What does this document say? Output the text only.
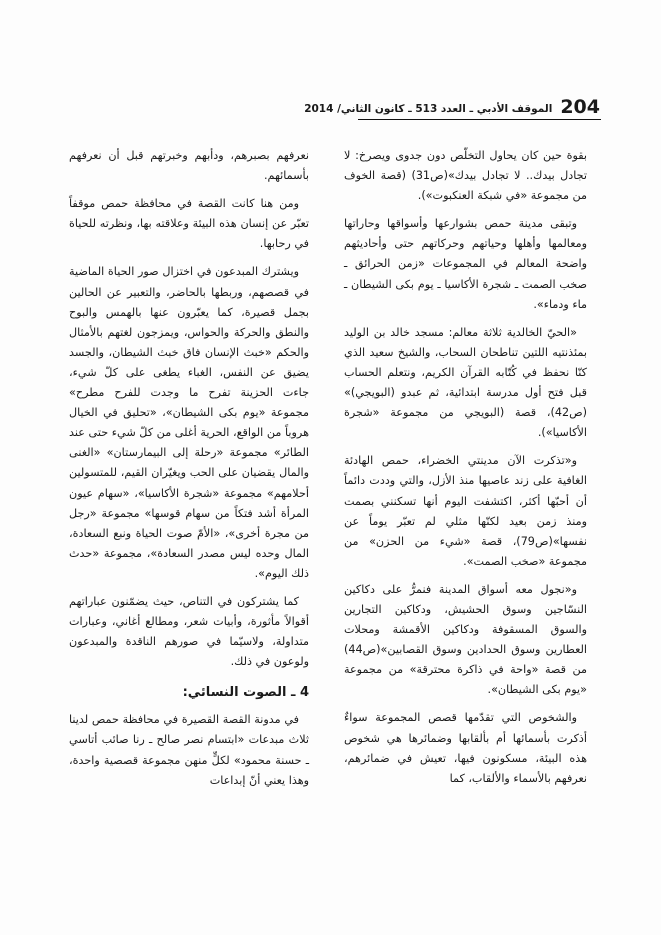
204
الموقف الأدبي ـ العدد 513 ـ كانون الثاني/ 2014

بقوة حين كان يحاول التخلّص دون جدوى ويصرخ: لا تجادل بيدك.. لا تجادل بيدك»(ص31) (قصة الخوف من مجموعة «في شبكة العنكبوت»).

وتبقى مدينة حمص بشوارعها وأسواقها وحاراتها ومعالمها وأهلها وحياتهم وحركاتهم حتى وأحاديثهم واضحة المعالم في المجموعات «زمن الحرائق ـ صخب الصمت ـ شجرة الأكاسيا ـ يوم بكى الشيطان ـ ماء ودماء».

«الحيّ الخالدية ثلاثة معالم: مسجد خالد بن الوليد بمئذنتيه اللتين تناطحان السحاب، والشيخ سعيد الذي كنّا نحفظ في كُتّابه القرآن الكريم، ونتعلم الحساب قبل فتح أول مدرسة ابتدائية، ثم عبدو (البويجي)» (ص42)، قصة (البويجي من مجموعة «شجرة الأكاسيا»).

و«تذكرت الآن مدينتي الخضراء، حمص الهادئة الغافية على زند عاصيها منذ الأزل، والتي وددت دائماً أن أحبّها أكثر، اكتشفت اليوم أنها تسكنني بصمت ومنذ زمن بعيد لكنّها مثلي لم تعبّر يوماً عن نفسها»(ص79)، قصة «شيء من الحزن» من مجموعة «صخب الصمت».

و«نجول معه أسواق المدينة فنمرُّ على دكاكين النسّاجين وسوق الحشيش، ودكاكين التجارين والسوق المسقوفة ودكاكين الأقمشة ومحلات العطارين وسوق الحدادين وسوق القصابين»(ص44) من قصة «واحة في ذاكرة محترقة» من مجموعة «يوم بكى الشيطان».

والشخوص التي تقدّمها قصص المجموعة سواءٌ أذكرت بأسمائها أم بألقابها وضمائرها هي شخوص هذه البيئة، مسكونون فيها، تعيش في ضمائرهم، نعرفهم بالأسماء والألقاب، كما

نعرفهم بصبرهم، ودأبهم وخبرتهم قبل أن نعرفهم بأسمائهم.

ومن هنا كانت القصة في محافظة حمص موقفاً تعبّر عن إنسان هذه البيئة وعلاقته بها، ونظرته للحياة في رحابها.

ويشترك المبدعون في اختزال صور الحياة الماضية في قصصهم، وربطها بالحاضر، والتعبير عن الحالين بجمل قصيرة، كما يعبّرون عنها بالهمس والبوح والنطق والحركة والحواس، ويمزجون لغتهم بالأمثال والحكم «خبث الإنسان فاق خبث الشيطان، والجسد يضيق عن النفس، الغباء يطغى على كلّ شيء، جاءت الحزينة تفرح ما وجدت للفرح مطرح» مجموعة «يوم بكى الشيطان»، «تحليق في الخيال هروباً من الواقع، الحرية أغلى من كلّ شيء حتى عند الطائر» مجموعة «رحلة إلى البيمارستان» «الغنى والمال يقضيان على الحب ويغيّران القيم، للمتسولين أحلامهم» مجموعة «شجرة الأكاسيا»، «سهام عيون المرأة أشد فتكاً من سهام قوسها» مجموعة «رجل من مجرة أخرى»، «الأمّ صوت الحياة ونبع السعادة، المال وحده ليس مصدر السعادة»، مجموعة «حدث ذلك اليوم».

كما يشتركون في التناص، حيث يضمّنون عباراتهم أقوالاً مأثورة، وأبيات شعر، ومطالع أغاني، وعبارات متداولة، ولاسيّما في صورهم الناقدة والمبدعون ولوعون في ذلك.

4 ـ الصوت النسائي:

في مدونة القصة القصيرة في محافظة حمص لدينا ثلاث مبدعات «ابتسام نصر صالح ـ رنا صائب أتاسي ـ حسنة محمود» لكلٍّ منهن مجموعة قصصية واحدة، وهذا يعني أنّ إبداعات
